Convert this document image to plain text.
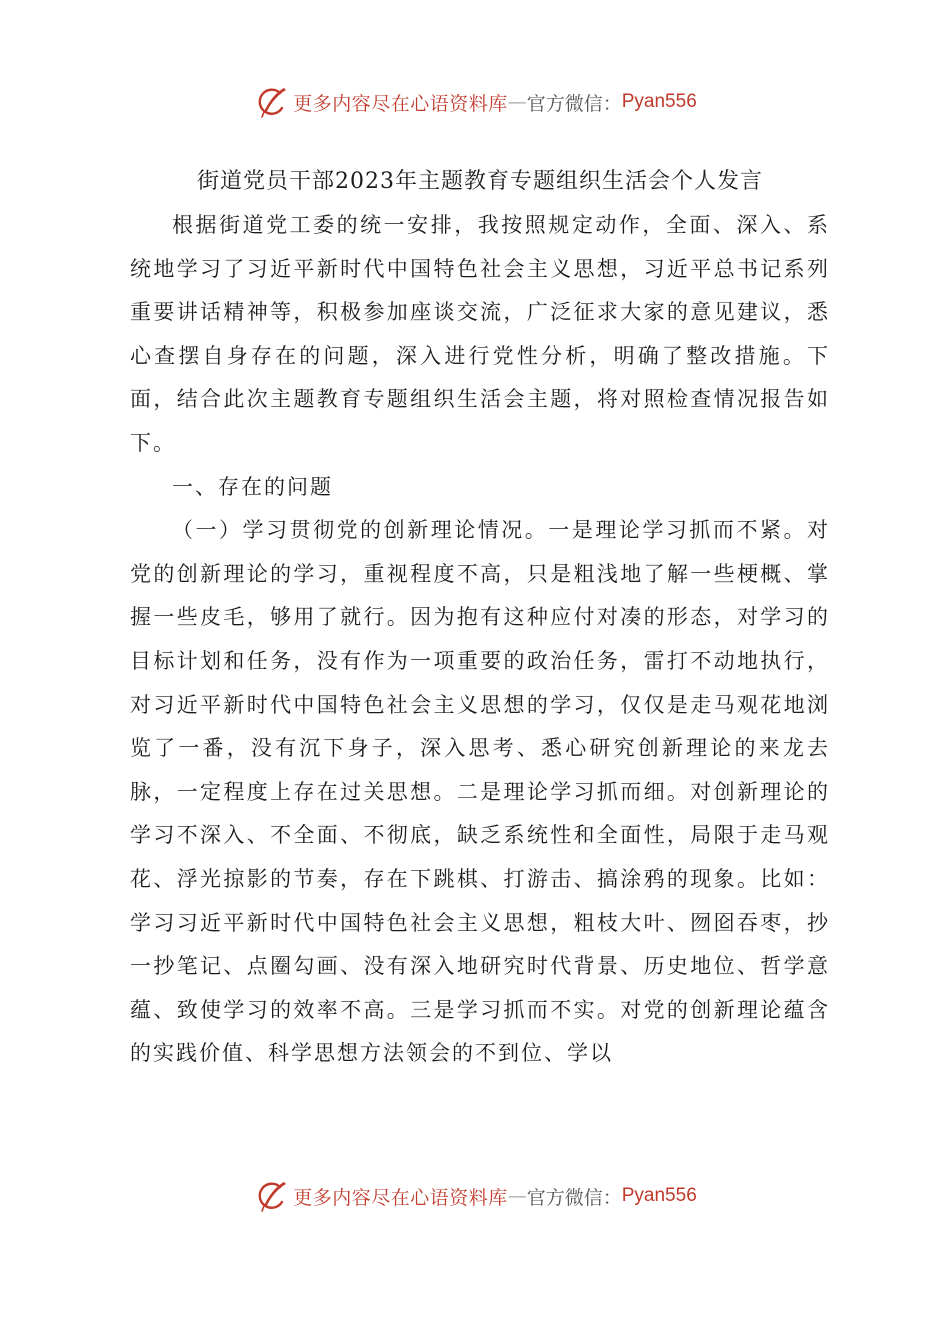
更多内容尽在心语资料库 — 官方微信： Pyan556
街道党员干部2023年主题教育专题组织生活会个人发言

根据街道党工委的统一安排，我按照规定动作，全面、深入、系统地学习了习近平新时代中国特色社会主义思想，习近平总书记系列重要讲话精神等，积极参加座谈交流，广泛征求大家的意见建议，悉心查摆自身存在的问题，深入进行党性分析，明确了整改措施。下面，结合此次主题教育专题组织生活会主题，将对照检查情况报告如下。

一、存在的问题

（一）学习贯彻党的创新理论情况。一是理论学习抓而不紧。对党的创新理论的学习，重视程度不高，只是粗浅地了解一些梗概、掌握一些皮毛，够用了就行。因为抱有这种应付对凑的形态，对学习的目标计划和任务，没有作为一项重要的政治任务，雷打不动地执行，对习近平新时代中国特色社会主义思想的学习，仅仅是走马观花地浏览了一番，没有沉下身子，深入思考、悉心研究创新理论的来龙去脉，一定程度上存在过关思想。二是理论学习抓而细。对创新理论的学习不深入、不全面、不彻底，缺乏系统性和全面性，局限于走马观花、浮光掠影的节奏，存在下跳棋、打游击、搞涂鸦的现象。比如：学习习近平新时代中国特色社会主义思想，粗枝大叶、囫囵吞枣，抄一抄笔记、点圈勾画、没有深入地研究时代背景、历史地位、哲学意蕴、致使学习的效率不高。三是学习抓而不实。对党的创新理论蕴含的实践价值、科学思想方法领会的不到位、学以

更多内容尽在心语资料库 — 官方微信： Pyan556
